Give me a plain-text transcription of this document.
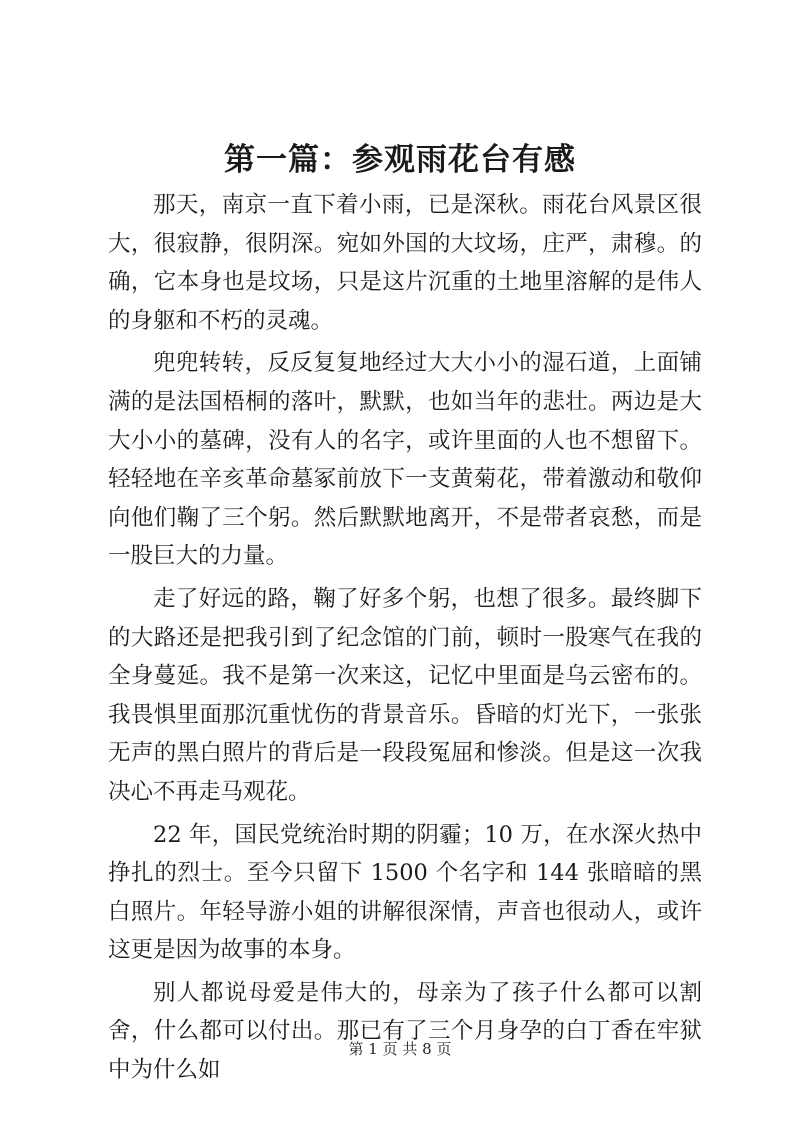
第一篇：参观雨花台有感

那天，南京一直下着小雨，已是深秋。雨花台风景区很大，很寂静，很阴深。宛如外国的大坟场，庄严，肃穆。的确，它本身也是坟场，只是这片沉重的土地里溶解的是伟人的身躯和不朽的灵魂。

兜兜转转，反反复复地经过大大小小的湿石道，上面铺满的是法国梧桐的落叶，默默，也如当年的悲壮。两边是大大小小的墓碑，没有人的名字，或许里面的人也不想留下。轻轻地在辛亥革命墓冢前放下一支黄菊花，带着激动和敬仰向他们鞠了三个躬。然后默默地离开，不是带者哀愁，而是一股巨大的力量。

走了好远的路，鞠了好多个躬，也想了很多。最终脚下的大路还是把我引到了纪念馆的门前，顿时一股寒气在我的全身蔓延。我不是第一次来这，记忆中里面是乌云密布的。我畏惧里面那沉重忧伤的背景音乐。昏暗的灯光下，一张张无声的黑白照片的背后是一段段冤屈和惨淡。但是这一次我决心不再走马观花。

22 年，国民党统治时期的阴霾；10 万，在水深火热中挣扎的烈士。至今只留下 1500 个名字和 144 张暗暗的黑白照片。年轻导游小姐的讲解很深情，声音也很动人，或许这更是因为故事的本身。

别人都说母爱是伟大的，母亲为了孩子什么都可以割舍，什么都可以付出。那已有了三个月身孕的白丁香在牢狱中为什么如

第 1 页 共 8 页
